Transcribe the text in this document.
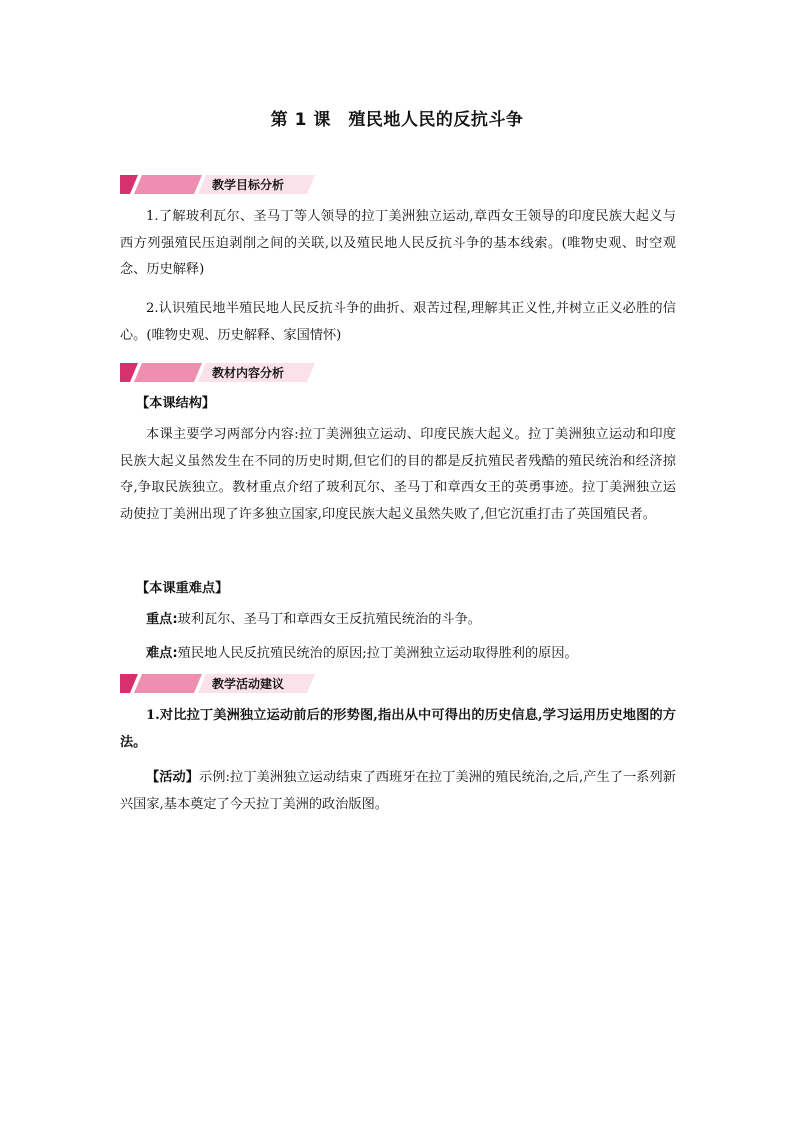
第 1 课　殖民地人民的反抗斗争
教学目标分析
1.了解玻利瓦尔、圣马丁等人领导的拉丁美洲独立运动,章西女王领导的印度民族大起义与西方列强殖民压迫剥削之间的关联,以及殖民地人民反抗斗争的基本线索。(唯物史观、时空观念、历史解释)
2.认识殖民地半殖民地人民反抗斗争的曲折、艰苦过程,理解其正义性,并树立正义必胜的信心。(唯物史观、历史解释、家国情怀)
教材内容分析
【本课结构】
本课主要学习两部分内容:拉丁美洲独立运动、印度民族大起义。拉丁美洲独立运动和印度民族大起义虽然发生在不同的历史时期,但它们的目的都是反抗殖民者残酷的殖民统治和经济掠夺,争取民族独立。教材重点介绍了玻利瓦尔、圣马丁和章西女王的英勇事迹。拉丁美洲独立运动使拉丁美洲出现了许多独立国家,印度民族大起义虽然失败了,但它沉重打击了英国殖民者。
【本课重难点】
重点:玻利瓦尔、圣马丁和章西女王反抗殖民统治的斗争。
难点:殖民地人民反抗殖民统治的原因;拉丁美洲独立运动取得胜利的原因。
教学活动建议
1.对比拉丁美洲独立运动前后的形势图,指出从中可得出的历史信息,学习运用历史地图的方法。
【活动】示例:拉丁美洲独立运动结束了西班牙在拉丁美洲的殖民统治,之后,产生了一系列新兴国家,基本奠定了今天拉丁美洲的政治版图。
